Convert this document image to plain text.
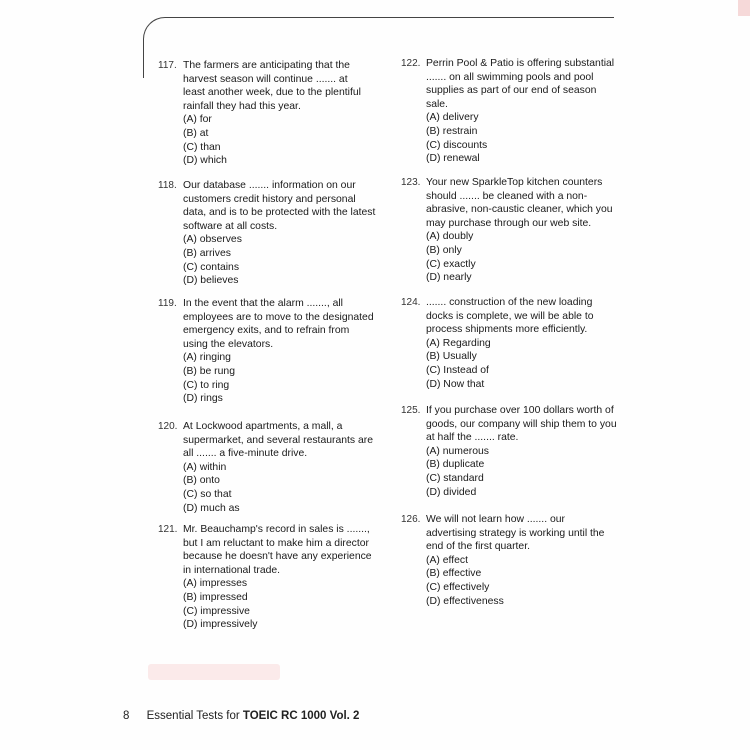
117. The farmers are anticipating that the
harvest season will continue ....... at
least another week, due to the plentiful
rainfall they had this year.
(A) for
(B) at
(C) than
(D) which
118. Our database ....... information on our
customers credit history and personal
data, and is to be protected with the latest
software at all costs.
(A) observes
(B) arrives
(C) contains
(D) believes
119. In the event that the alarm ......., all
employees are to move to the designated
emergency exits, and to refrain from
using the elevators.
(A) ringing
(B) be rung
(C) to ring
(D) rings
120. At Lockwood apartments, a mall, a
supermarket, and several restaurants are
all ....... a five-minute drive.
(A) within
(B) onto
(C) so that
(D) much as
121. Mr. Beauchamp's record in sales is .......,
but I am reluctant to make him a director
because he doesn't have any experience
in international trade.
(A) impresses
(B) impressed
(C) impressive
(D) impressively
122. Perrin Pool & Patio is offering substantial
....... on all swimming pools and pool
supplies as part of our end of season
sale.
(A) delivery
(B) restrain
(C) discounts
(D) renewal
123. Your new SparkleTop kitchen counters
should ....... be cleaned with a non-
abrasive, non-caustic cleaner, which you
may purchase through our web site.
(A) doubly
(B) only
(C) exactly
(D) nearly
124. ....... construction of the new loading
docks is complete, we will be able to
process shipments more efficiently.
(A) Regarding
(B) Usually
(C) Instead of
(D) Now that
125. If you purchase over 100 dollars worth of
goods, our company will ship them to you
at half the ....... rate.
(A) numerous
(B) duplicate
(C) standard
(D) divided
126. We will not learn how ....... our
advertising strategy is working until the
end of the first quarter.
(A) effect
(B) effective
(C) effectively
(D) effectiveness
8 Essential Tests for TOEIC RC 1000 Vol. 2
